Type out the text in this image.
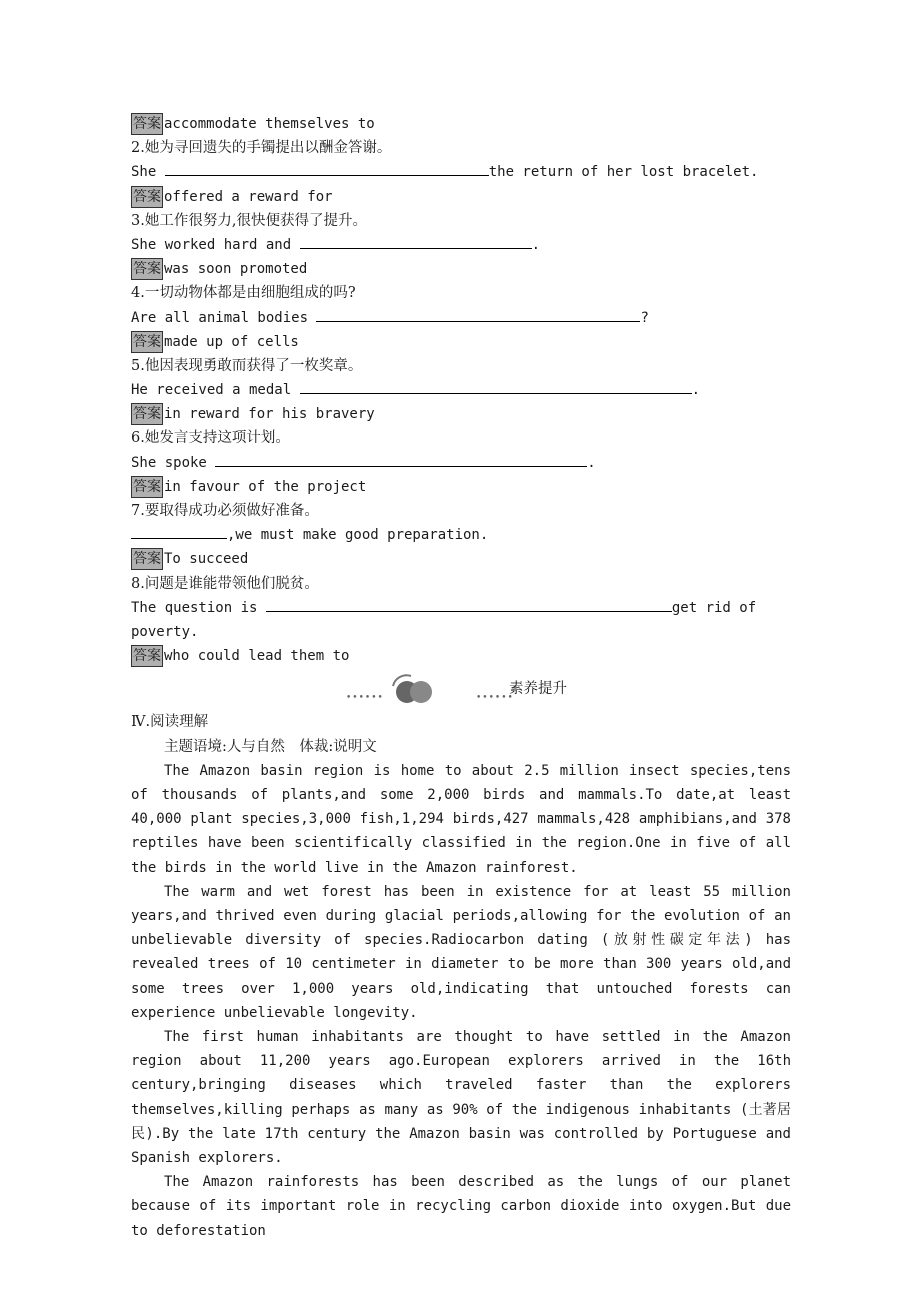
答案 accommodate themselves to
2.她为寻回遗失的手镯提出以酬金答谢。
She	the return of her lost bracelet.
答案 offered a reward for
3.她工作很努力,很快便获得了提升。
She worked hard and	.
答案 was soon promoted
4.一切动物体都是由细胞组成的吗?
Are all animal bodies	?
答案 made up of cells
5.他因表现勇敢而获得了一枚奖章。
He received a medal	.
答案 in reward for his bravery
6.她发言支持这项计划。
She spoke	.
答案 in favour of the project
7.要取得成功必须做好准备。
,we must make good preparation.
答案 To succeed
8.问题是谁能带领他们脱贫。
The question is	get rid of
poverty.
答案 who could lead them to
••••••	••••••
素养提升
Ⅳ.阅读理解
主题语境:人与自然　体裁:说明文
The Amazon basin region is home to about 2.5 million insect species,tens of thousands of plants,and some 2,000 birds and mammals.To date,at least 40,000 plant species,3,000 fish,1,294 birds,427 mammals,428 amphibians,and 378 reptiles have been scientifically classified in the region.One in five of all the birds in the world live in the Amazon rainforest.
The warm and wet forest has been in existence for at least 55 million years,and thrived even during glacial periods,allowing for the evolution of an unbelievable diversity of species.Radiocarbon dating (放射性碳定年法) has revealed trees of 10 centimeter in diameter to be more than 300 years old,and some trees over 1,000 years old,indicating that untouched forests can experience unbelievable longevity.
The first human inhabitants are thought to have settled in the Amazon region about 11,200 years ago.European explorers arrived in the 16th century,bringing diseases which traveled faster than the explorers themselves,killing perhaps as many as 90% of the indigenous inhabitants (土著居民).By the late 17th century the Amazon basin was controlled by Portuguese and Spanish explorers.
The Amazon rainforests has been described as the lungs of our planet because of its important role in recycling carbon dioxide into oxygen.But due to deforestation
